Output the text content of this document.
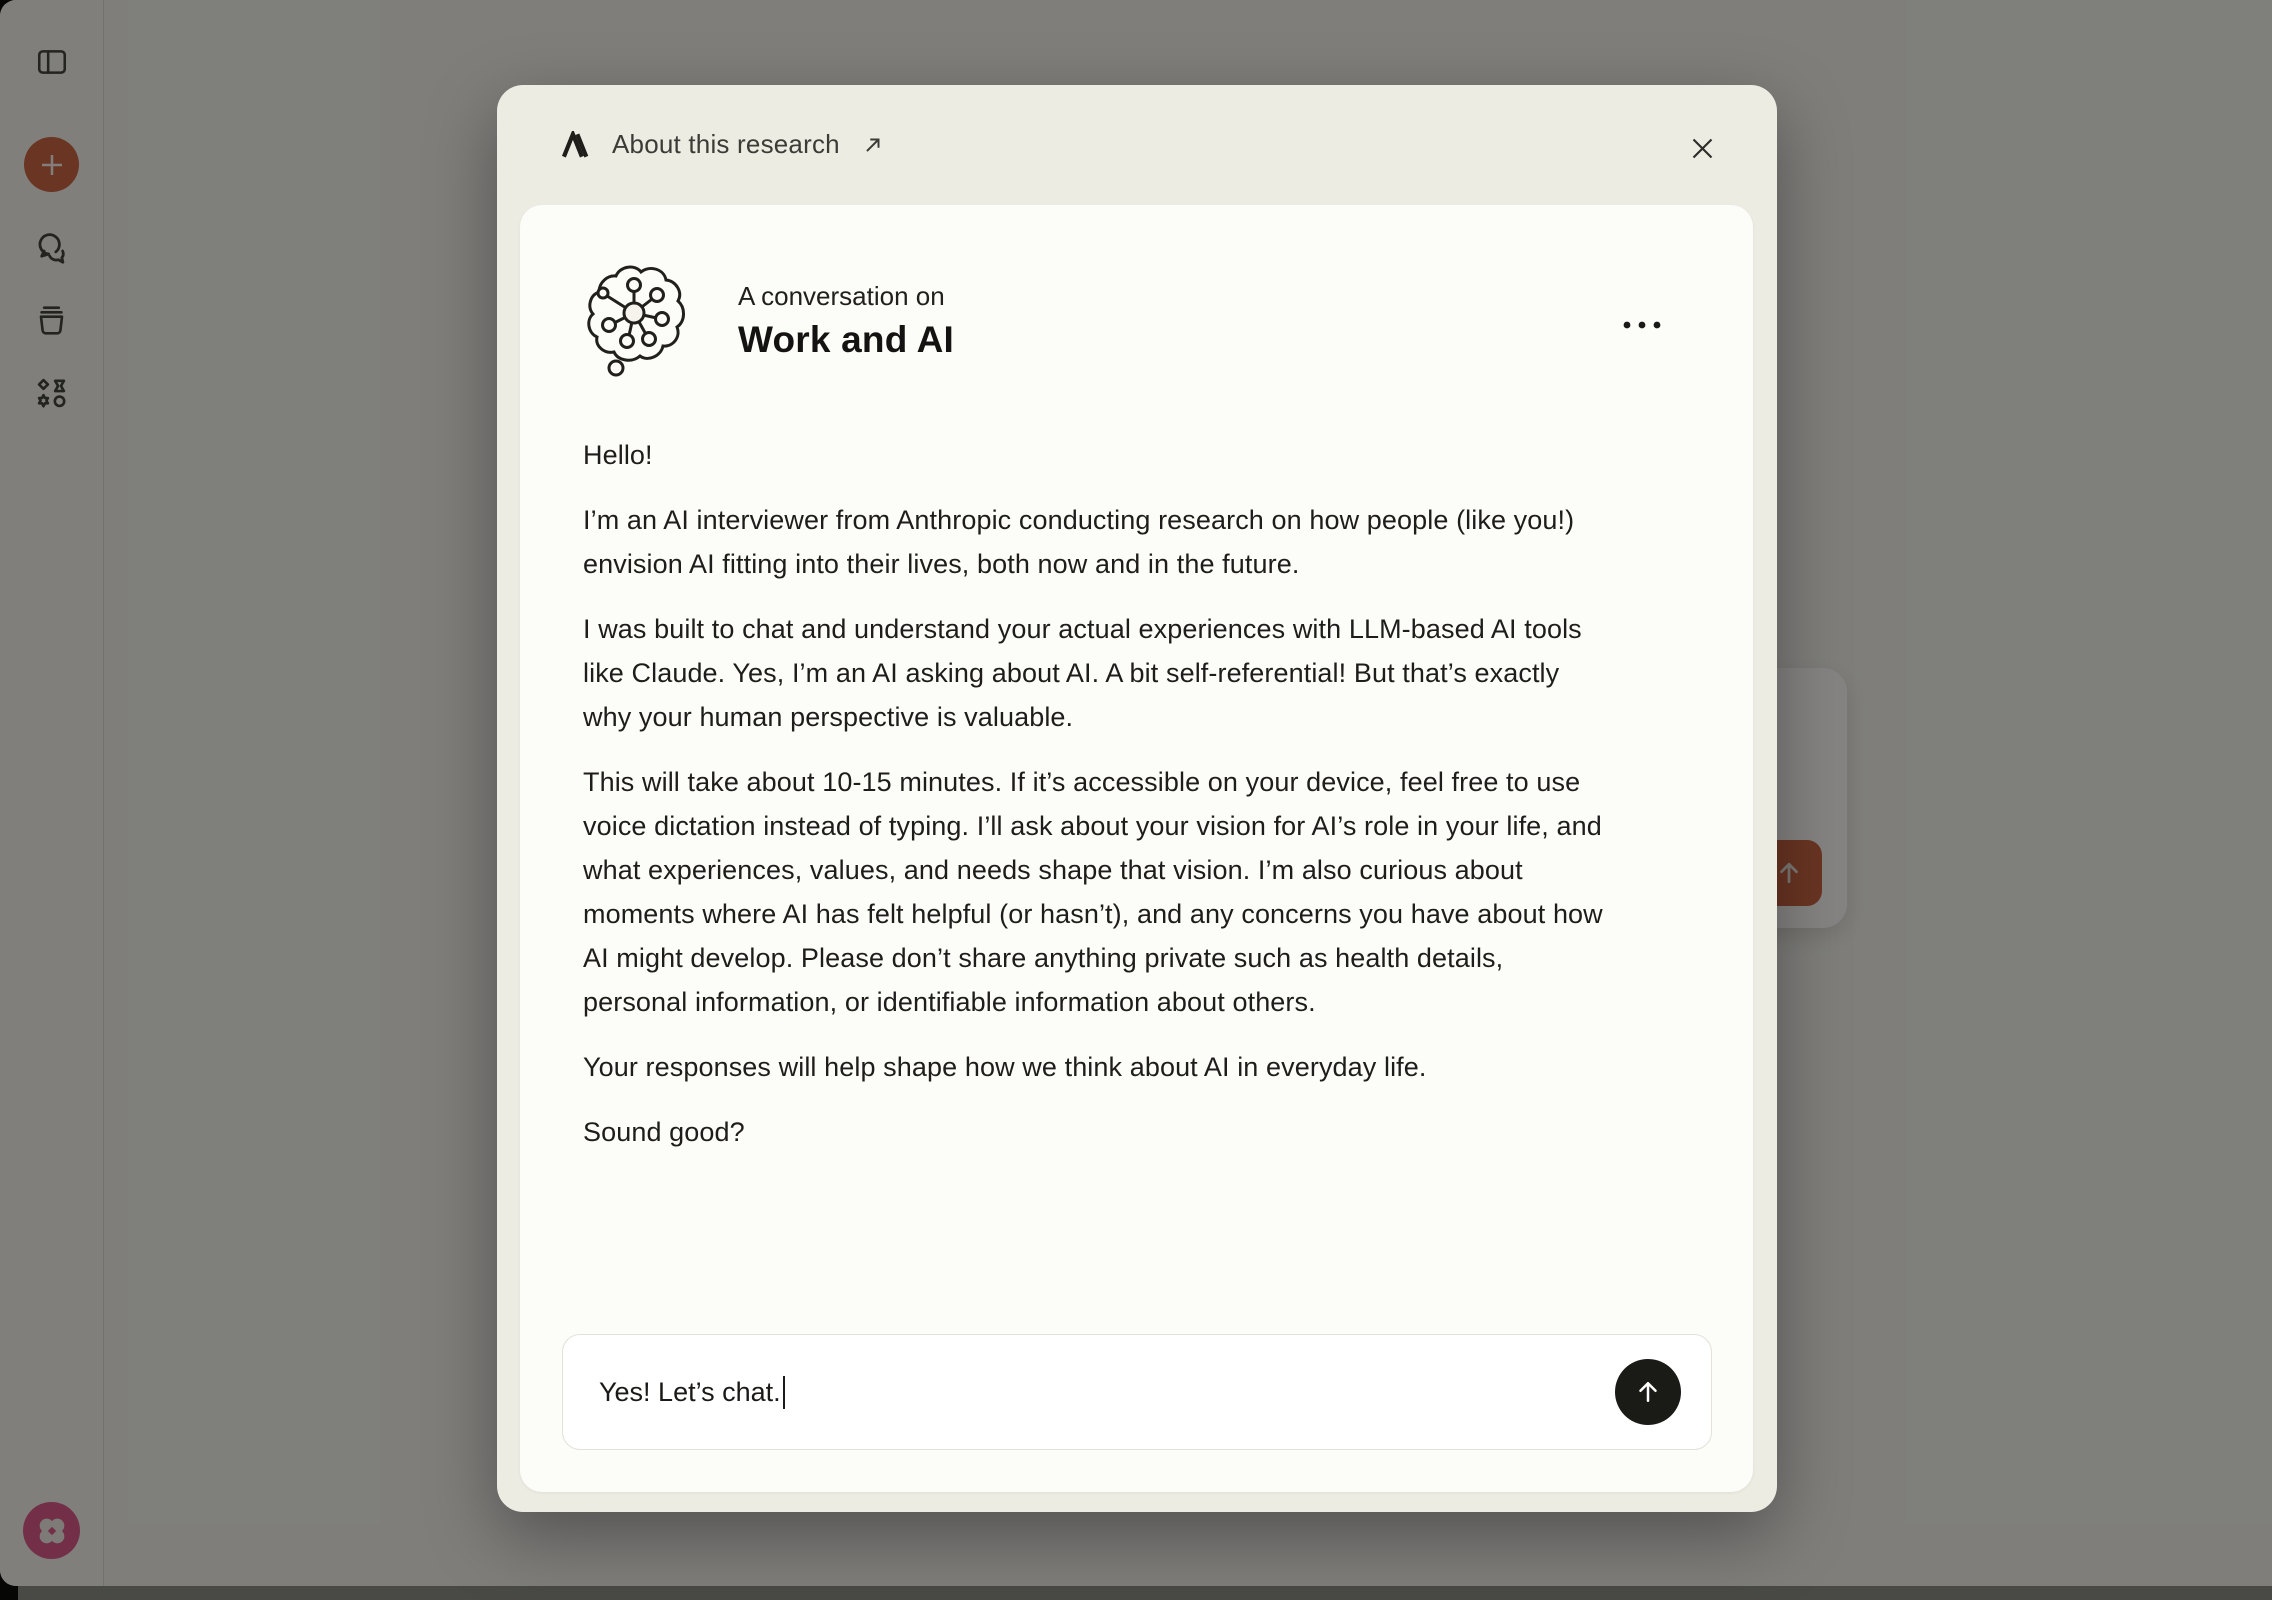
About this research
A conversation on
Work and AI

Hello!

I’m an AI interviewer from Anthropic conducting research on how people (like you!) envision AI fitting into their lives, both now and in the future.

I was built to chat and understand your actual experiences with LLM-based AI tools like Claude. Yes, I’m an AI asking about AI. A bit self-referential! But that’s exactly why your human perspective is valuable.

This will take about 10-15 minutes. If it’s accessible on your device, feel free to use voice dictation instead of typing. I’ll ask about your vision for AI’s role in your life, and what experiences, values, and needs shape that vision. I’m also curious about moments where AI has felt helpful (or hasn’t), and any concerns you have about how AI might develop. Please don’t share anything private such as health details, personal information, or identifiable information about others.

Your responses will help shape how we think about AI in everyday life.

Sound good?

Yes! Let’s chat.
